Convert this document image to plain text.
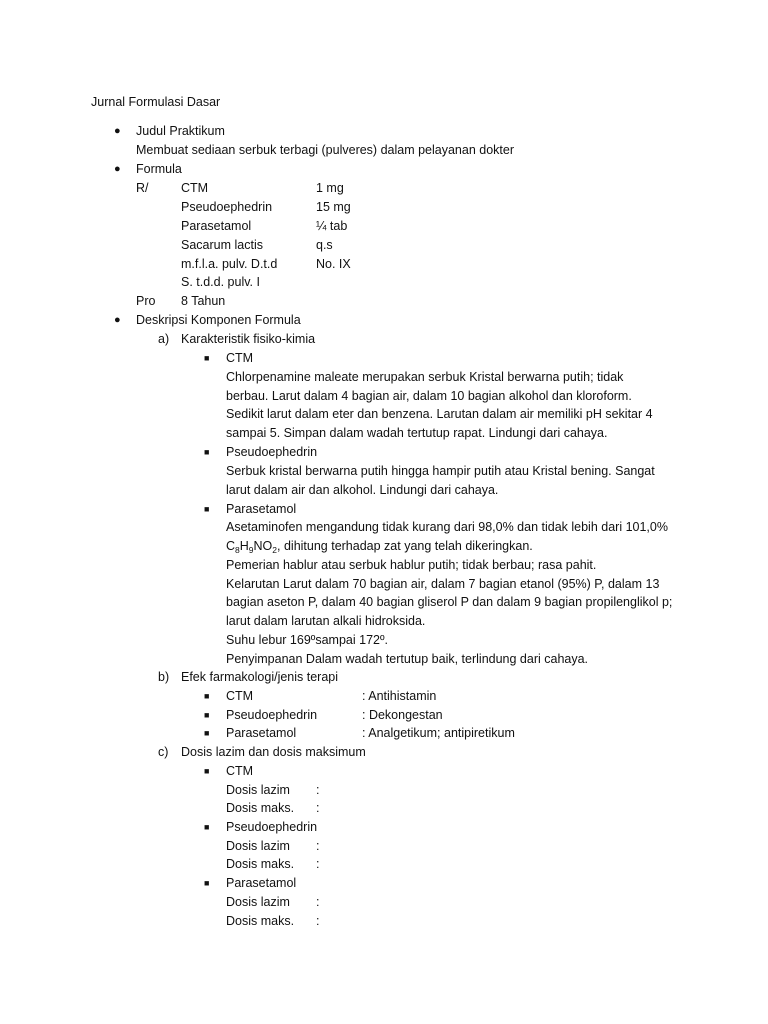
Jurnal Formulasi Dasar
● Judul Praktikum
Membuat sediaan serbuk terbagi (pulveres) dalam pelayanan dokter
● Formula
R/	CTM	1 mg
Pseudoephedrin	15 mg
Parasetamol	¼ tab
Sacarum lactis	q.s
m.f.l.a. pulv. D.t.d	No. IX
S. t.d.d. pulv. I
Pro 8 Tahun
● Deskripsi Komponen Formula
a) Karakteristik fisiko-kimia
■ CTM
Chlorpenamine maleate merupakan serbuk Kristal berwarna putih; tidak
berbau. Larut dalam 4 bagian air, dalam 10 bagian alkohol dan kloroform.
Sedikit larut dalam eter dan benzena. Larutan dalam air memiliki pH sekitar 4
sampai 5. Simpan dalam wadah tertutup rapat. Lindungi dari cahaya.
■ Pseudoephedrin
Serbuk kristal berwarna putih hingga hampir putih atau Kristal bening. Sangat
larut dalam air dan alkohol. Lindungi dari cahaya.
■ Parasetamol
Asetaminofen mengandung tidak kurang dari 98,0% dan tidak lebih dari 101,0%
$C_8H_9NO_2$, dihitung terhadap zat yang telah dikeringkan.
Pemerian hablur atau serbuk hablur putih; tidak berbau; rasa pahit.
Kelarutan Larut dalam 70 bagian air, dalam 7 bagian etanol (95%) P, dalam 13
bagian aseton P, dalam 40 bagian gliserol P dan dalam 9 bagian propilenglikol p;
larut dalam larutan alkali hidroksida.
Suhu lebur 169ºsampai 172º.
Penyimpanan Dalam wadah tertutup baik, terlindung dari cahaya.
b) Efek farmakologi/jenis terapi
■ CTM	: Antihistamin
■ Pseudoephedrin	: Dekongestan
■ Parasetamol	: Analgetikum; antipiretikum
c) Dosis lazim dan dosis maksimum
■ CTM
Dosis lazim :
Dosis maks. :
■ Pseudoephedrin
Dosis lazim :
Dosis maks. :
■ Parasetamol
Dosis lazim :
Dosis maks. :
